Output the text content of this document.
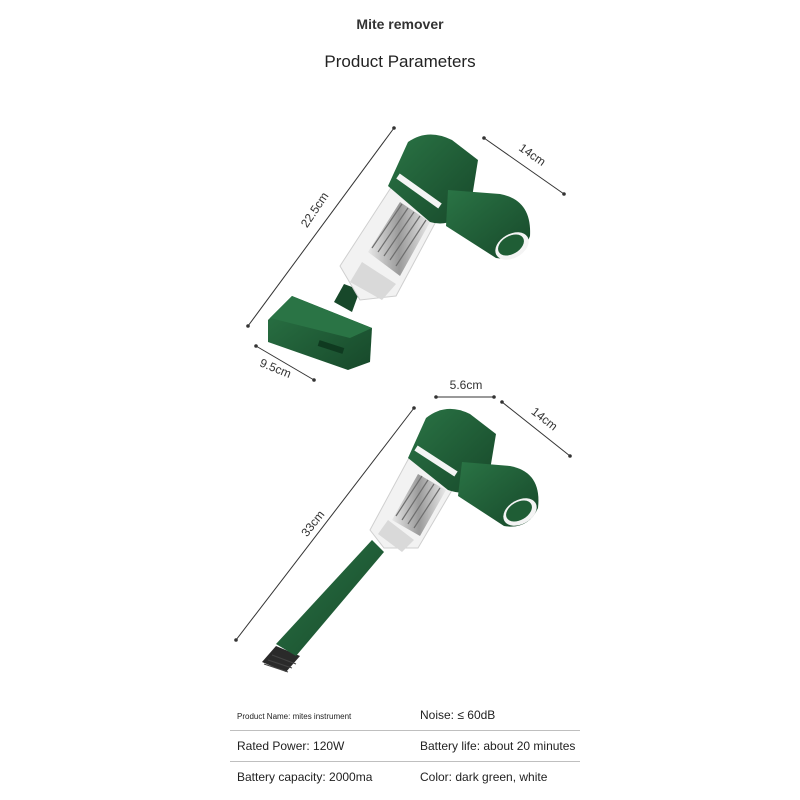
Mite remover
Product Parameters
22.5cm
14cm
9.5cm
33cm
5.6cm
14cm
Product Name: mites instrument	Noise: ≤ 60dB
Rated Power: 120W	Battery life: about 20 minutes
Battery capacity: 2000ma	Color: dark green, white
